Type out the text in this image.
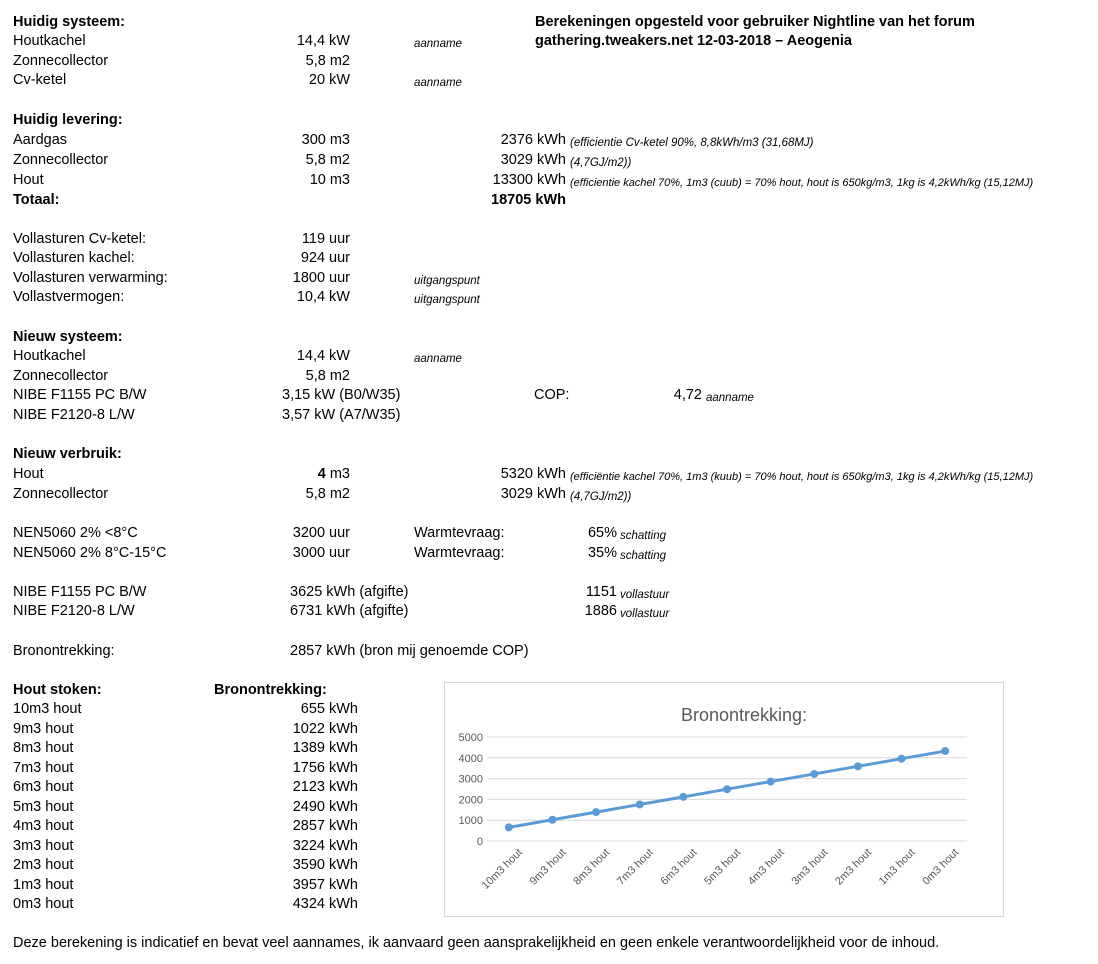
Berekeningen opgesteld voor gebruiker Nightline van het forum
gathering.tweakers.net 12-03-2018 – Aeogenia
Huidig systeem:
Houtkachel	14,4 kW	aanname
Zonnecollector	5,8 m2
Cv-ketel	20 kW	aanname
Huidig levering:
Aardgas	300 m3	2376 kWh (efficientie Cv-ketel 90%, 8,8kWh/m3 (31,68MJ)
Zonnecollector	5,8 m2	3029 kWh (4,7GJ/m2))
Hout	10 m3	13300 kWh (efficientie kachel 70%, 1m3 (cuub) = 70% hout, hout is 650kg/m3, 1kg is 4,2kWh/kg (15,12MJ)
Totaal:	18705 kWh
Vollasturen Cv-ketel:	119 uur
Vollasturen kachel:	924 uur
Vollasturen verwarming:	1800 uur	uitgangspunt
Vollastvermogen:	10,4 kW	uitgangspunt
Nieuw systeem:
Houtkachel	14,4 kW	aanname
Zonnecollector	5,8 m2
NIBE F1155 PC B/W	3,15 kW (B0/W35)	COP:	4,72 aanname
NIBE F2120-8 L/W	3,57 kW (A7/W35)
Nieuw verbruik:
Hout	4 m3	5320 kWh (efficiëntie kachel 70%, 1m3 (kuub) = 70% hout, hout is 650kg/m3, 1kg is 4,2kWh/kg (15,12MJ)
Zonnecollector	5,8 m2	3029 kWh (4,7GJ/m2))
NEN5060 2% <8°C	3200 uur	Warmtevraag:	65% schatting
NEN5060 2% 8°C-15°C	3000 uur	Warmtevraag:	35% schatting
NIBE F1155 PC B/W	3625 kWh (afgifte)	1151 vollastuur
NIBE F2120-8 L/W	6731 kWh (afgifte)	1886 vollastuur
Bronontrekking:	2857 kWh (bron mij genoemde COP)
Hout stoken:	Bronontrekking:
10m3 hout	655 kWh
9m3 hout	1022 kWh
8m3 hout	1389 kWh
7m3 hout	1756 kWh
6m3 hout	2123 kWh
5m3 hout	2490 kWh
4m3 hout	2857 kWh
3m3 hout	3224 kWh
2m3 hout	3590 kWh
1m3 hout	3957 kWh
0m3 hout	4324 kWh
Bronontrekking:
0
1000
2000
3000
4000
5000
10m3 hout 9m3 hout 8m3 hout 7m3 hout 6m3 hout 5m3 hout 4m3 hout 3m3 hout 2m3 hout 1m3 hout 0m3 hout
Deze berekening is indicatief en bevat veel aannames, ik aanvaard geen aansprakelijkheid en geen enkele verantwoordelijkheid voor de inhoud.
